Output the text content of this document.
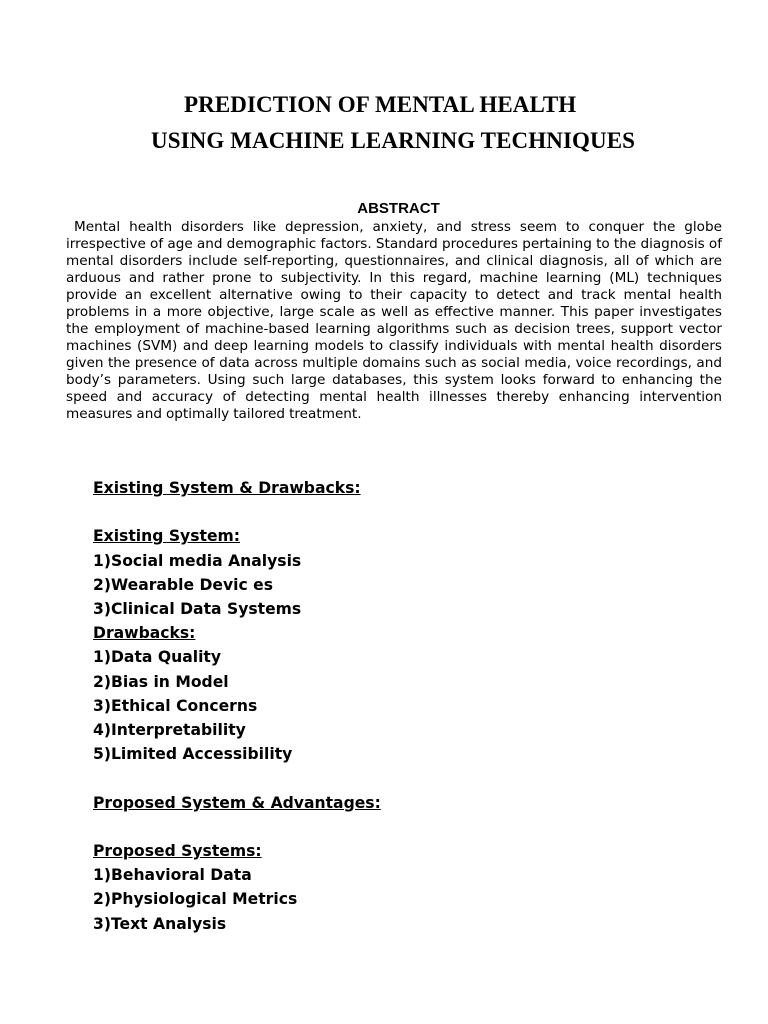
PREDICTION OF MENTAL HEALTH
USING MACHINE LEARNING TECHNIQUES
ABSTRACT

Mental health disorders like depression, anxiety, and stress seem to conquer the globe irrespective of age and demographic factors. Standard procedures pertaining to the diagnosis of mental disorders include self-reporting, questionnaires, and clinical diagnosis, all of which are arduous and rather prone to subjectivity. In this regard, machine learning (ML) techniques provide an excellent alternative owing to their capacity to detect and track mental health problems in a more objective, large scale as well as effective manner. This paper investigates the employment of machine-based learning algorithms such as decision trees, support vector machines (SVM) and deep learning models to classify individuals with mental health disorders given the presence of data across multiple domains such as social media, voice recordings, and body’s parameters. Using such large databases, this system looks forward to enhancing the speed and accuracy of detecting mental health illnesses thereby enhancing intervention measures and optimally tailored treatment.

Existing System & Drawbacks:
Existing System:
1)Social media Analysis
2)Wearable Devic es
3)Clinical Data Systems
Drawbacks:
1)Data Quality
2)Bias in Model
3)Ethical Concerns
4)Interpretability
5)Limited Accessibility
Proposed System & Advantages:
Proposed Systems:
1)Behavioral Data
2)Physiological Metrics
3)Text Analysis
